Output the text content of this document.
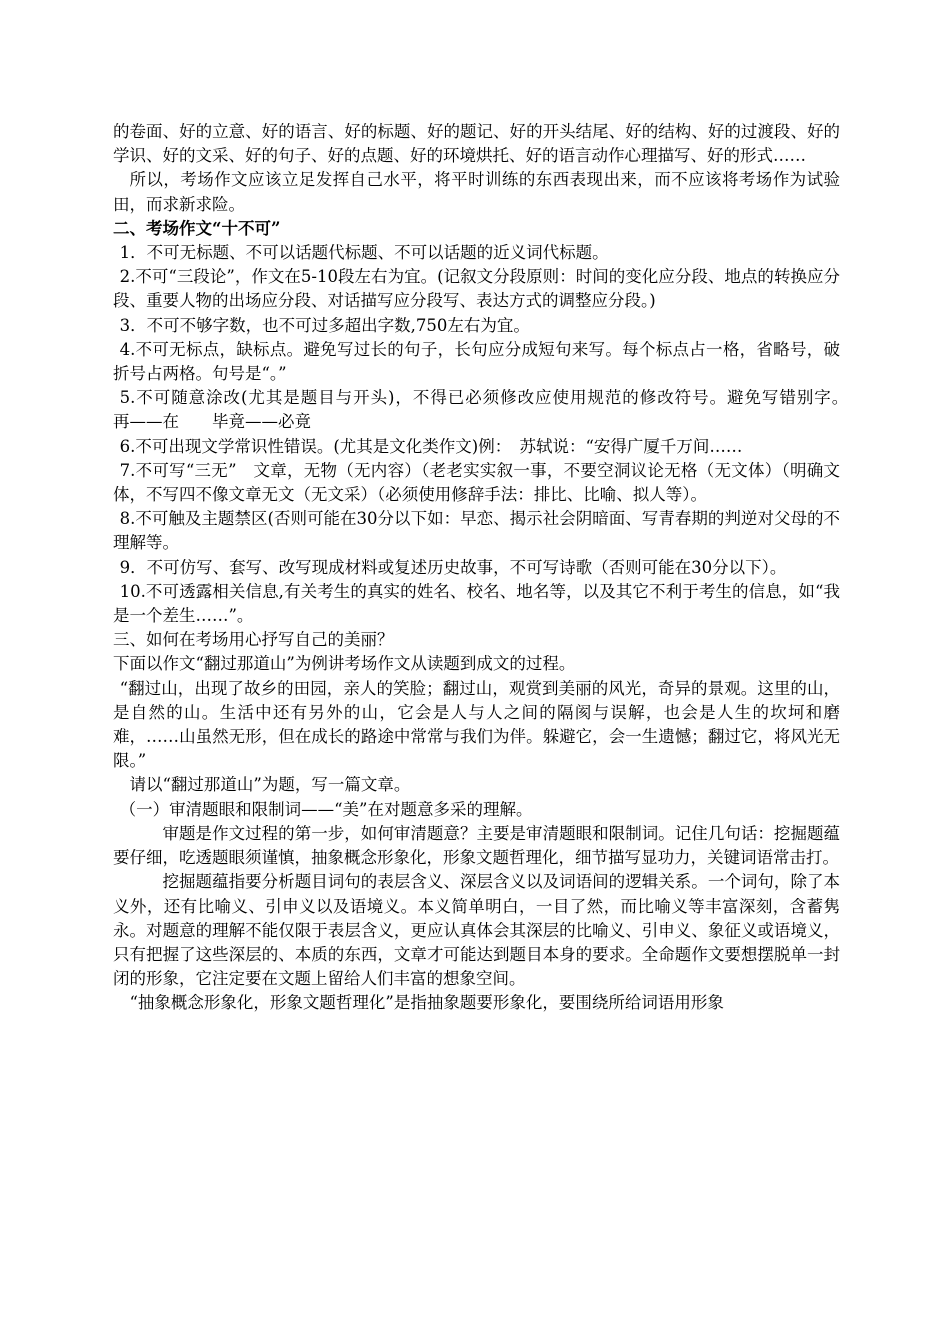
的卷面、好的立意、好的语言、好的标题、好的题记、好的开头结尾、好的结构、好的过渡段、好的学识、好的文采、好的句子、好的点题、好的环境烘托、好的语言动作心理描写、好的形式……

所以，考场作文应该立足发挥自己水平，将平时训练的东西表现出来，而不应该将考场作为试验田，而求新求险。

二、考场作文“十不可”

1．不可无标题、不可以话题代标题、不可以话题的近义词代标题。

2.不可“三段论”，作文在5-10段左右为宜。(记叙文分段原则：时间的变化应分段、地点的转换应分段、重要人物的出场应分段、对话描写应分段写、表达方式的调整应分段。)

3．不可不够字数，也不可过多超出字数,750左右为宜。

4.不可无标点，缺标点。避免写过长的句子，长句应分成短句来写。每个标点占一格，省略号，破折号占两格。句号是“。”

5.不可随意涂改(尤其是题目与开头)，不得已必须修改应使用规范的修改符号。避免写错别字。　　再——在　　毕竟——必竟

6.不可出现文学常识性错误。(尤其是文化类作文)例：　苏轼说：“安得广厦千万间……

7.不可写“三无”　文章，无物（无内容）（老老实实叙一事，不要空洞议论无格（无文体）（明确文体，不写四不像文章无文（无文采）（必须使用修辞手法：排比、比喻、拟人等）。

8.不可触及主题禁区(否则可能在30分以下如：早恋、揭示社会阴暗面、写青春期的判逆对父母的不理解等。

9．不可仿写、套写、改写现成材料或复述历史故事，不可写诗歌（否则可能在30分以下）。

10.不可透露相关信息,有关考生的真实的姓名、校名、地名等，以及其它不利于考生的信息，如“我是一个差生……”。

三、如何在考场用心抒写自己的美丽？

下面以作文“翻过那道山”为例讲考场作文从读题到成文的过程。

“翻过山，出现了故乡的田园，亲人的笑脸；翻过山，观赏到美丽的风光，奇异的景观。这里的山，是自然的山。生活中还有另外的山，它会是人与人之间的隔阂与误解，也会是人生的坎坷和磨难，……山虽然无形，但在成长的路途中常常与我们为伴。躲避它，会一生遗憾；翻过它，将风光无限。”

请以“翻过那道山”为题，写一篇文章。

（一）审清题眼和限制词——“美”在对题意多采的理解。

审题是作文过程的第一步，如何审清题意？主要是审清题眼和限制词。记住几句话：挖掘题蕴要仔细，吃透题眼须谨慎，抽象概念形象化，形象文题哲理化，细节描写显功力，关键词语常击打。

挖掘题蕴指要分析题目词句的表层含义、深层含义以及词语间的逻辑关系。一个词句，除了本义外，还有比喻义、引申义以及语境义。本义简单明白，一目了然，而比喻义等丰富深刻，含蓄隽永。对题意的理解不能仅限于表层含义，更应认真体会其深层的比喻义、引申义、象征义或语境义，只有把握了这些深层的、本质的东西，文章才可能达到题目本身的要求。全命题作文要想摆脱单一封闭的形象，它注定要在文题上留给人们丰富的想象空间。

“抽象概念形象化，形象文题哲理化”是指抽象题要形象化，要围绕所给词语用形象
